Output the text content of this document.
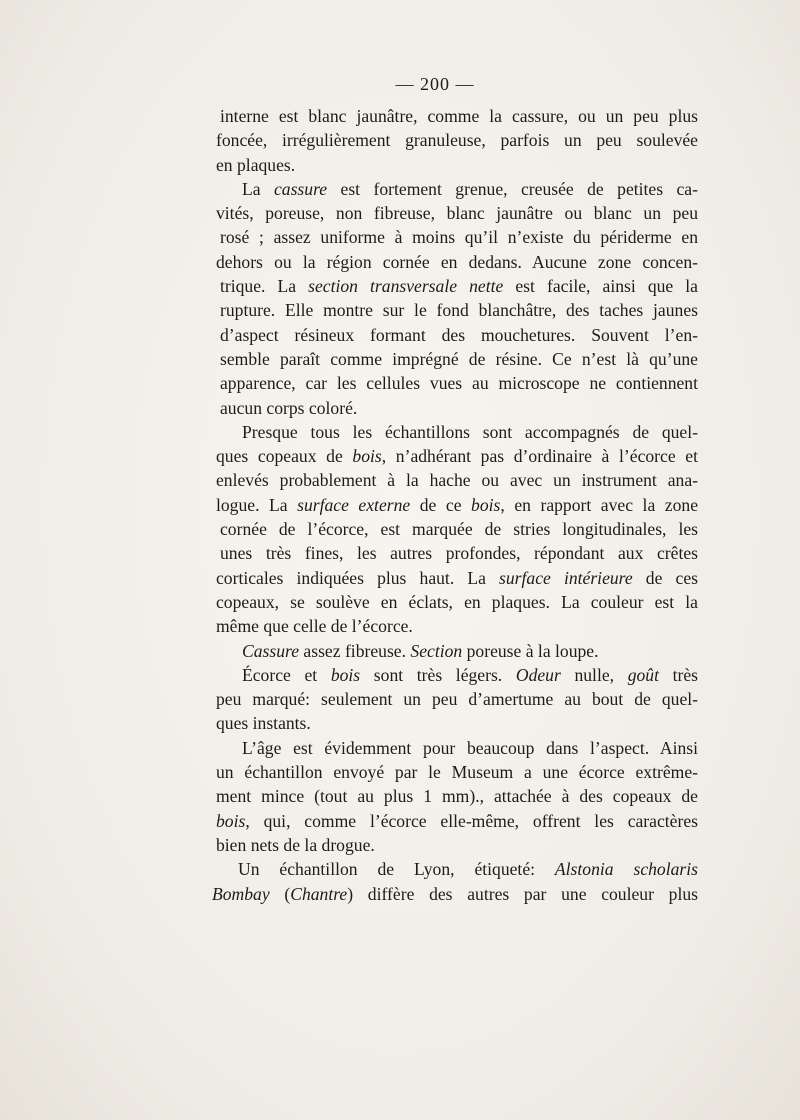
— 200 —
interne est blanc jaunâtre, comme la cassure, ou un peu plus
foncée, irrégulièrement granuleuse, parfois un peu soulevée
en plaques.
La cassure est fortement grenue, creusée de petites ca-
vités, poreuse, non fibreuse, blanc jaunâtre ou blanc un peu
rosé ; assez uniforme à moins qu’il n’existe du périderme en
dehors ou la région cornée en dedans. Aucune zone concen-
trique. La section transversale nette est facile, ainsi que la
rupture. Elle montre sur le fond blanchâtre, des taches jaunes
d’aspect résineux formant des mouchetures. Souvent l’en-
semble paraît comme imprégné de résine. Ce n’est là qu’une
apparence, car les cellules vues au microscope ne contiennent
aucun corps coloré.
Presque tous les échantillons sont accompagnés de quel-
ques copeaux de bois, n’adhérant pas d’ordinaire à l’écorce et
enlevés probablement à la hache ou avec un instrument ana-
logue. La surface externe de ce bois, en rapport avec la zone
cornée de l’écorce, est marquée de stries longitudinales, les
unes très fines, les autres profondes, répondant aux crêtes
corticales indiquées plus haut. La surface intérieure de ces
copeaux, se soulève en éclats, en plaques. La couleur est la
même que celle de l’écorce.
Cassure assez fibreuse. Section poreuse à la loupe.
Écorce et bois sont très légers. Odeur nulle, goût très
peu marqué: seulement un peu d’amertume au bout de quel-
ques instants.
L’âge est évidemment pour beaucoup dans l’aspect. Ainsi
un échantillon envoyé par le Museum a une écorce extrême-
ment mince (tout au plus 1 mm)., attachée à des copeaux de
bois, qui, comme l’écorce elle-même, offrent les caractères
bien nets de la drogue.
Un échantillon de Lyon, étiqueté: Alstonia scholaris
Bombay (Chantre) diffère des autres par une couleur plus
